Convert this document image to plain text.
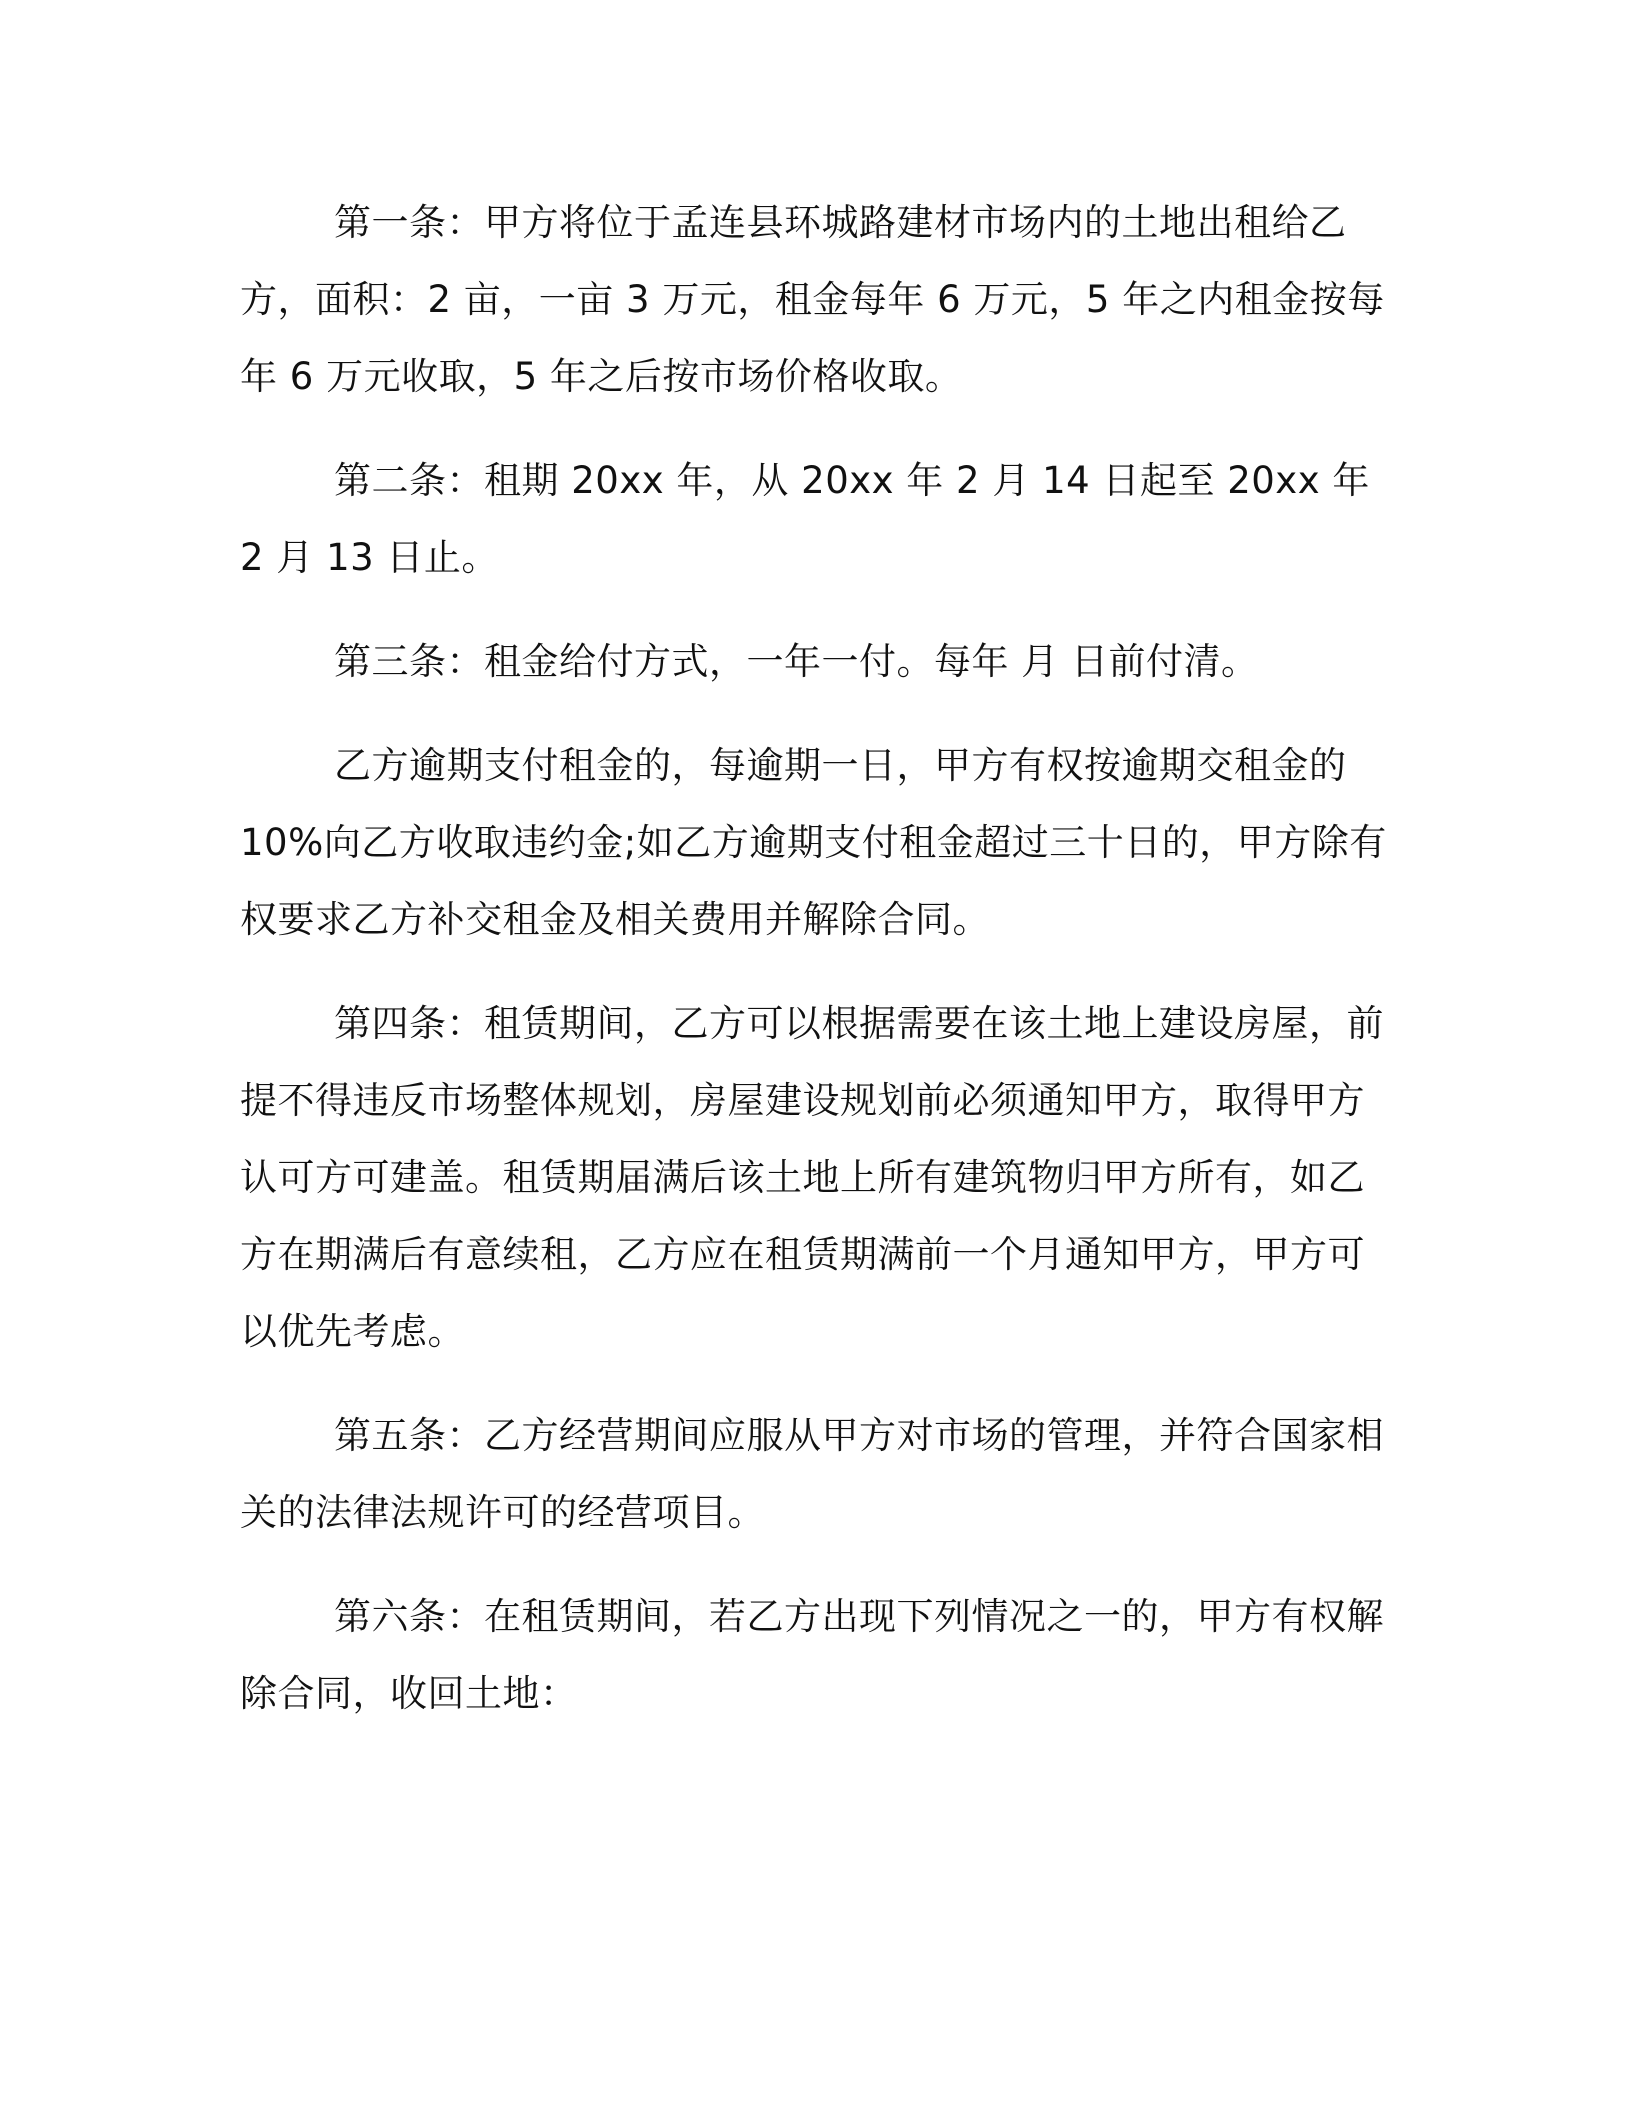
第一条：甲方将位于孟连县环城路建材市场内的土地出租给乙方，面积：2 亩，一亩 3 万元，租金每年 6 万元，5 年之内租金按每年 6 万元收取，5 年之后按市场价格收取。

第二条：租期 20xx 年，从 20xx 年 2 月 14 日起至 20xx 年 2 月 13 日止。

第三条：租金给付方式，一年一付。每年 月 日前付清。

乙方逾期支付租金的，每逾期一日，甲方有权按逾期交租金的 10%向乙方收取违约金;如乙方逾期支付租金超过三十日的，甲方除有权要求乙方补交租金及相关费用并解除合同。

第四条：租赁期间，乙方可以根据需要在该土地上建设房屋，前提不得违反市场整体规划，房屋建设规划前必须通知甲方，取得甲方认可方可建盖。租赁期届满后该土地上所有建筑物归甲方所有，如乙方在期满后有意续租，乙方应在租赁期满前一个月通知甲方，甲方可以优先考虑。

第五条：乙方经营期间应服从甲方对市场的管理，并符合国家相关的法律法规许可的经营项目。

第六条：在租赁期间，若乙方出现下列情况之一的，甲方有权解除合同，收回土地：
